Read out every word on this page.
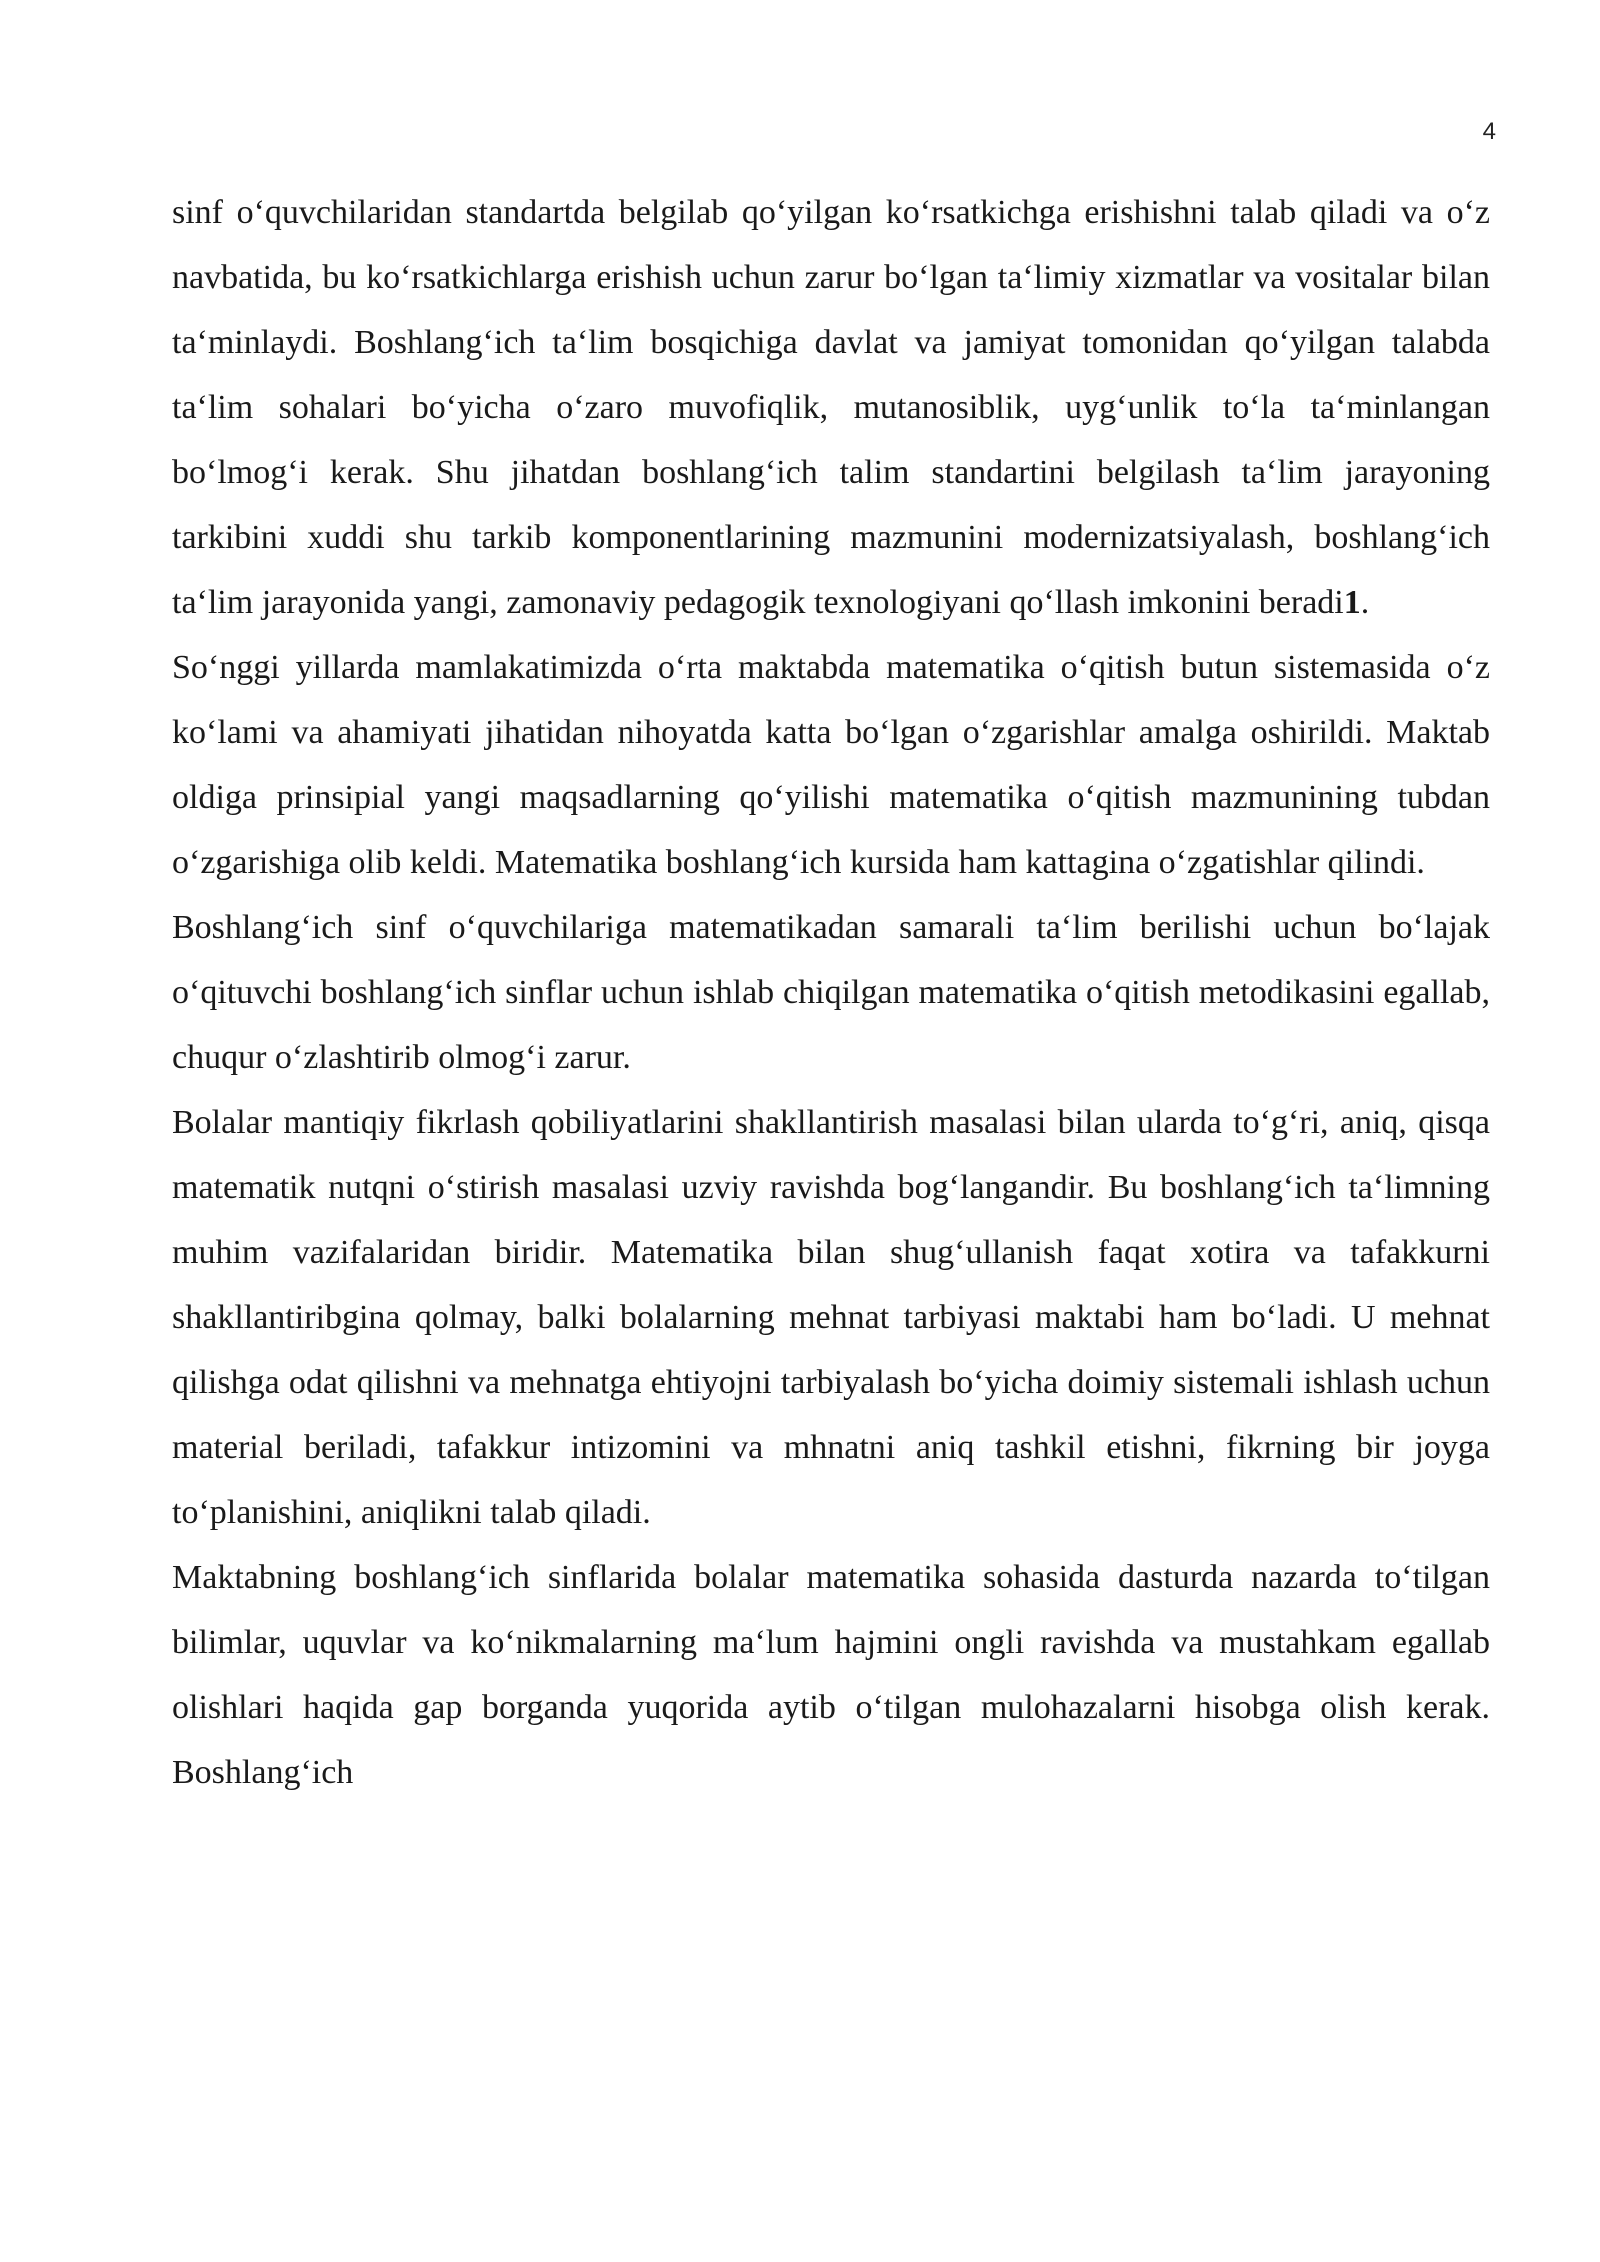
4

sinf o‘quvchilaridan standartda belgilab qo‘yilgan ko‘rsatkichga erishishni talab qiladi va o‘z navbatida, bu ko‘rsatkichlarga erishish uchun zarur bo‘lgan ta‘limiy xizmatlar va vositalar bilan ta‘minlaydi. Boshlang‘ich ta‘lim bosqichiga davlat va jamiyat tomonidan qo‘yilgan talabda ta‘lim sohalari bo‘yicha o‘zaro muvofiqlik, mutanosiblik, uyg‘unlik to‘la ta‘minlangan bo‘lmog‘i kerak. Shu jihatdan boshlang‘ich talim standartini belgilash ta‘lim jarayoning tarkibini xuddi shu tarkib komponentlarining mazmunini modernizatsiyalash, boshlang‘ich ta‘lim jarayonida yangi, zamonaviy pedagogik texnologiyani qo‘llash imkonini beradi1.

So‘nggi yillarda mamlakatimizda o‘rta maktabda matematika o‘qitish butun sistemasida o‘z ko‘lami va ahamiyati jihatidan nihoyatda katta bo‘lgan o‘zgarishlar amalga oshirildi. Maktab oldiga prinsipial yangi maqsadlarning qo‘yilishi matematika o‘qitish mazmunining tubdan o‘zgarishiga olib keldi. Matematika boshlang‘ich kursida ham kattagina o‘zgatishlar qilindi.

Boshlang‘ich sinf o‘quvchilariga matematikadan samarali ta‘lim berilishi uchun bo‘lajak o‘qituvchi boshlang‘ich sinflar uchun ishlab chiqilgan matematika o‘qitish metodikasini egallab, chuqur o‘zlashtirib olmog‘i zarur.

Bolalar mantiqiy fikrlash qobiliyatlarini shakllantirish masalasi bilan ularda to‘g‘ri, aniq, qisqa matematik nutqni o‘stirish masalasi uzviy ravishda bog‘langandir. Bu boshlang‘ich ta‘limning muhim vazifalaridan biridir. Matematika bilan shug‘ullanish faqat xotira va tafakkurni shakllantiribgina qolmay, balki bolalarning mehnat tarbiyasi maktabi ham bo‘ladi. U mehnat qilishga odat qilishni va mehnatga ehtiyojni tarbiyalash bo‘yicha doimiy sistemali ishlash uchun material beriladi, tafakkur intizomini va mhnatni aniq tashkil etishni, fikrning bir joyga to‘planishini, aniqlikni talab qiladi.

Maktabning boshlang‘ich sinflarida bolalar matematika sohasida dasturda nazarda to‘tilgan bilimlar, uquvlar va ko‘nikmalarning ma‘lum hajmini ongli ravishda va mustahkam egallab olishlari haqida gap borganda yuqorida aytib o‘tilgan mulohazalarni hisobga olish kerak. Boshlang‘ich
